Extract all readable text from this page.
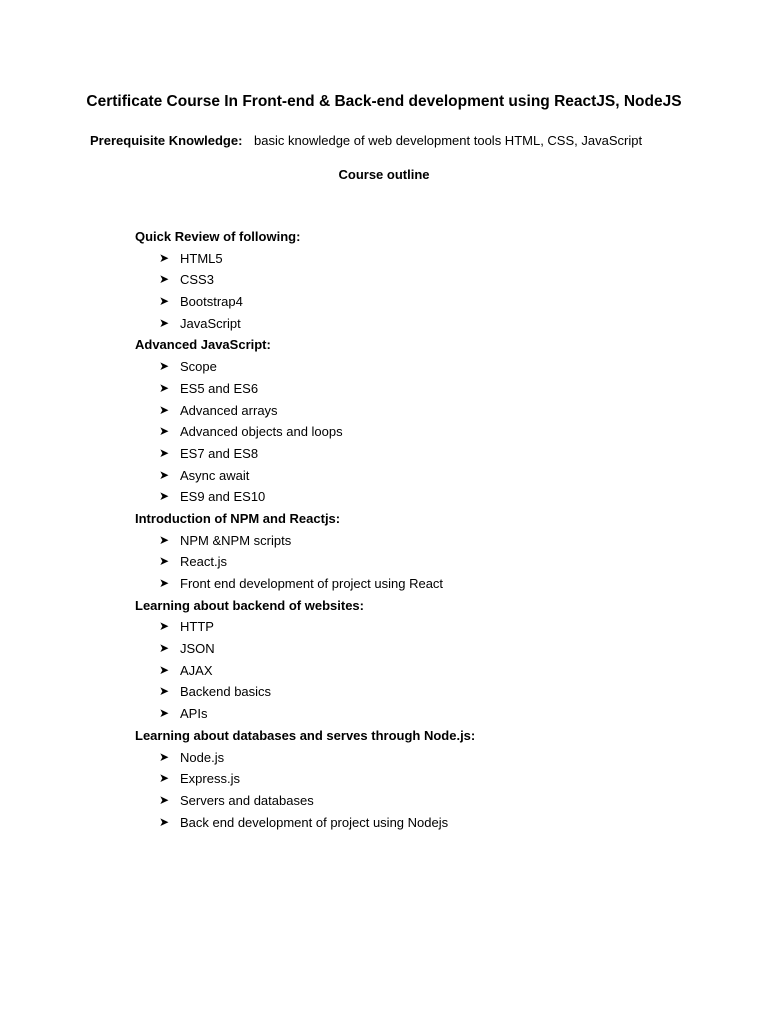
Certificate Course In Front-end & Back-end development using ReactJS, NodeJS
Prerequisite Knowledge: basic knowledge of web development tools HTML, CSS, JavaScript
Course outline
Quick Review of following:
➤ HTML5
➤ CSS3
➤ Bootstrap4
➤ JavaScript
Advanced JavaScript:
➤ Scope
➤ ES5 and ES6
➤ Advanced arrays
➤ Advanced objects and loops
➤ ES7 and ES8
➤ Async await
➤ ES9 and ES10
Introduction of NPM and Reactjs:
➤ NPM &NPM scripts
➤ React.js
➤ Front end development of project using React
Learning about backend of websites:
➤ HTTP
➤ JSON
➤ AJAX
➤ Backend basics
➤ APIs
Learning about databases and serves through Node.js:
➤ Node.js
➤ Express.js
➤ Servers and databases
➤ Back end development of project using Nodejs
